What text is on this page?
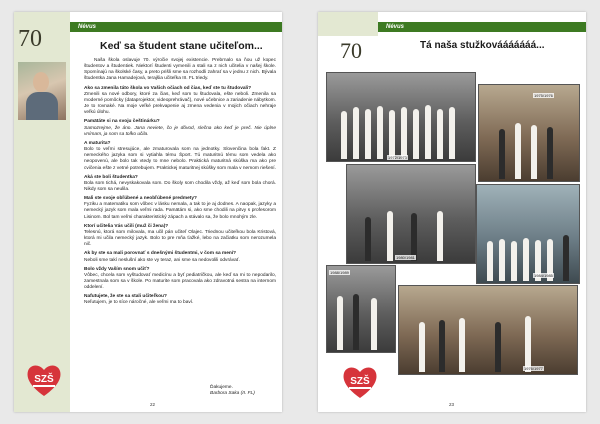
70	Névus
Keď sa študent stane učiteľom...

Naša škola oslavuje 70. výročie svojej existencie. Prebrnalo sa ňou už kopec študentov a študentiek. Niektorí študenti vymenili a stali sa z nich učitelia v našej škole. Spomínajú na školské časy, a preto prišli sme sa rozhodli zahrať sa v jednu z nich. Bývala študentka Jana Hamadejová, terajšia učiteľka III. FL triedy.

Ako sa zmenila táto škola vo Vašich očiach od čias, keď ste tu študovali?
Zmenili sa nové odbory, ktoré za čias, keď som tu študovala, ešte neboli. Zmenila sa moderné pomôcky (dataprojektor, videoprehrávač), nové učebnice a zariadenie nábytkom. Je to rovnaké. Na moje veľké prekvapenie aj zmena vedenia v mojich očiach nehraje veľkú úlohu.
Pamätáte si na svoju češtinárku?
Samozrejme, že áno. Jana neviete, čo je dôvod, slečna ako keď je preč. Nie úplne vnímam, ja som sa toľko učila.
A maturita?
Bolo to veľmi stresujúce, ale zmaturovala som na jednotky. Slovenčina bola fakt. Z nemeckého jazyka som si vytiahla tému Šport. Tú maturitnú tému som vedela ako neopovenú, ale bolo tak vtedy to mne nebolo. Praktická maturitná skúška ma ako pre cvičenia ešte z vetné potrebujem. Praktickej maturitnej skúšky som mala v nemom riešení.
Aká ste boli študentka?
Bola som tichá, nevyskakovala som. Do školy som chodila vždy, až keď som bola chorá. Nikdy som sa neulila.
Mali ste svoje obľúbené a neobľúbené predmety?
Fyziku a matematiku som vôbec v lásku nemala, a tak to je aj dodnes. A naopak, jazyky a nemecký jazyk som mala veľmi rada. Pamätám si, ako sme chodili na pitvy s profesorom Lisinom. Bol tam veľmi charakteristický zápach a stávalo sa, že bolo mnohým zle.
Ktorí učitelia Vás učili (muž či žena)?
Telesnú, ktorá som milovala, ma učil pán učiteľ Olajec. Triednou učiteľkou bola Kristová, ktorá mi učila nemecký jazyk. Bolo to pre mňa ťažké, lebo na začiatku som nerozumela nič.
Ak by ste sa mali porovnať s dnešnými študentmi, v čom sa mení?
Neboli sme takí neslušní ako ste vy teraz, ani sme sa nedovolili odvrávať.
Bolo vždy Vaším snom učiť?
Vôbec, chcela som vyštudovať medicínu a byť pediatričkou, ale keď sa mi to nepodarilo, zamestnala som sa v škole. Po maturite som pracovala ako zdravotná sestra na internom oddelení.
Nafutujete, že ste sa stali učiteľkou?
Neľutujem, je to síce náročné, ale veľmi ma to baví.
Ďakujeme.
Barbora Saka (II. FL)
SZŠ
22
Névus
70	Tá naša stužkovááááááá...
1972/1973
1975/1976
1980/1981
1988/1989
1984/1985
1976/1977
SZŠ
23
